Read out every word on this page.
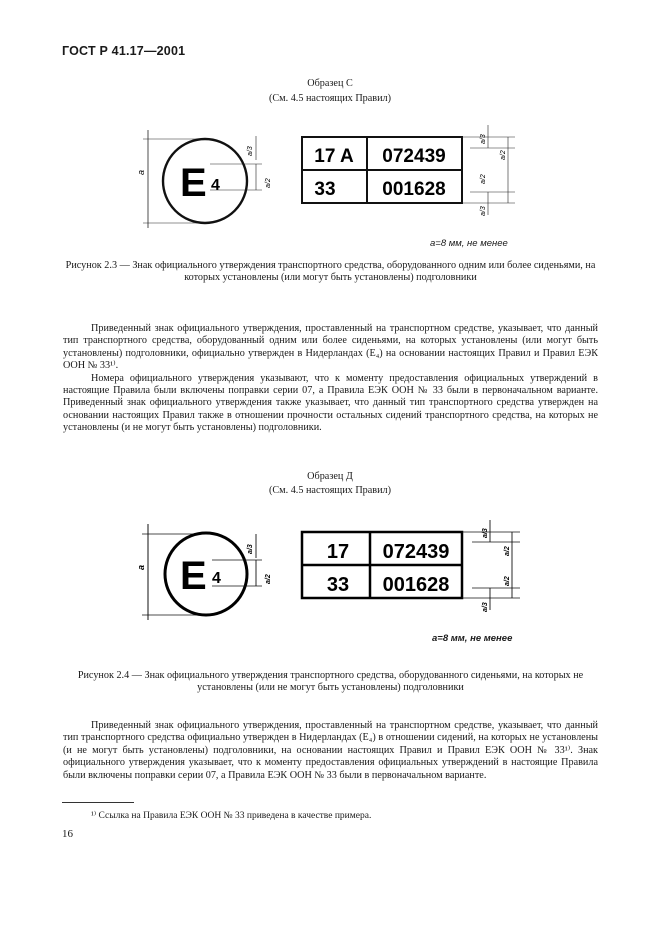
ГОСТ Р 41.17—2001
Образец С
(См. 4.5 настоящих Правил)
a E 4
a/3
a/2
17 A 072439
33 001628
a/3
a/2
a/2
a/3
a=8 мм, не менее
Рисунок 2.3 — Знак официального утверждения транспортного средства, оборудованного одним или более сиденьями, на которых установлены (или могут быть установлены) подголовники

Приведенный знак официального утверждения, проставленный на транспортном средстве, указывает, что данный тип транспортного средства, оборудованный одним или более сиденьями, на которых установлены (или могут быть установлены) подголовники, официально утвержден в Нидерландах (E₄) на основании настоящих Правил и Правил ЕЭК ООН № 33¹⁾.

Номера официального утверждения указывают, что к моменту предоставления официальных утверждений в настоящие Правила были включены поправки серии 07, а Правила ЕЭК ООН № 33 были в первоначальном варианте. Приведенный знак официального утверждения также указывает, что данный тип транспортного средства утвержден на основании настоящих Правил также в отношении прочности остальных сидений транспортного средства, на которых не установлены (и не могут быть установлены) подголовники.

Образец Д
(См. 4.5 настоящих Правил)
a E 4
a/3
a/2
17 072439
33 001628
a/3
a/2
a/2
a/3
a=8 мм, не менее
Рисунок 2.4 — Знак официального утверждения транспортного средства, оборудованного сиденьями, на которых не установлены (или не могут быть установлены) подголовники

Приведенный знак официального утверждения, проставленный на транспортном средстве, указывает, что данный тип транспортного средства официально утвержден в Нидерландах (E₄) в отношении сидений, на которых не установлены (и не могут быть установлены) подголовники, на основании настоящих Правил и Правил ЕЭК ООН № 33¹⁾. Знак официального утверждения указывает, что к моменту предоставления официальных утверждений в настоящие Правила были включены поправки серии 07, а Правила ЕЭК ООН № 33 были в первоначальном варианте.

¹⁾ Ссылка на Правила ЕЭК ООН № 33 приведена в качестве примера.
16
